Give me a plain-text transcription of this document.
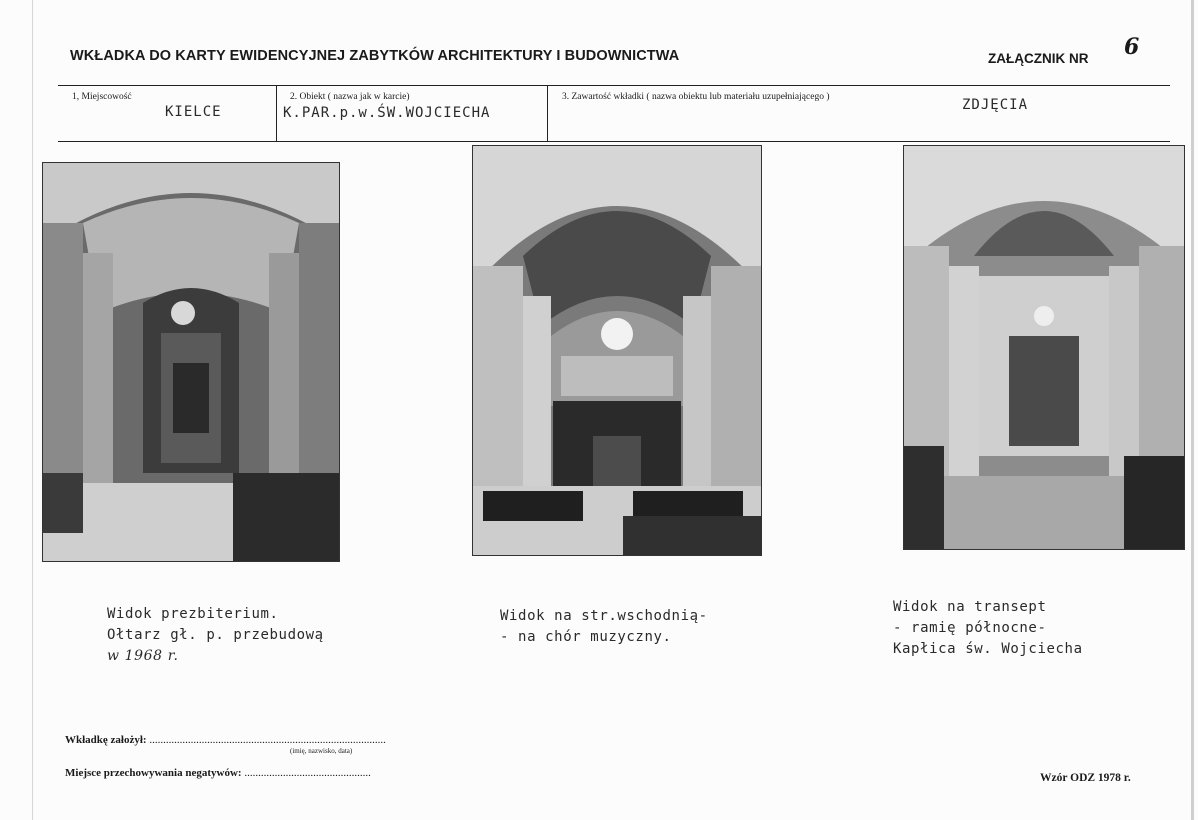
WKŁADKA DO KARTY EWIDENCYJNEJ ZABYTKÓW ARCHITEKTURY I BUDOWNICTWA	ZAŁĄCZNIK NR 6
1, Miejscowość
KIELCE
2. Obiekt ( nazwa jak w karcie)
K.PAR.p.w.ŚW.WOJCIECHA
3. Zawartość wkładki ( nazwa obiektu lub materiału uzupełniającego )	ZDJĘCIA
Widok prezbiterium.
Ołtarz gł. p. przebudową
w 1968 r.
Widok na str.wschodnią-
- na chór muzyczny.
Widok na transept
- ramię północne-
Kapłica św. Wojciecha
Wkładkę założył: ......................................................................................
(imię, nazwisko, data)
Miejsce przechowywania negatywów: ..............................................	Wzór ODZ 1978 r.
